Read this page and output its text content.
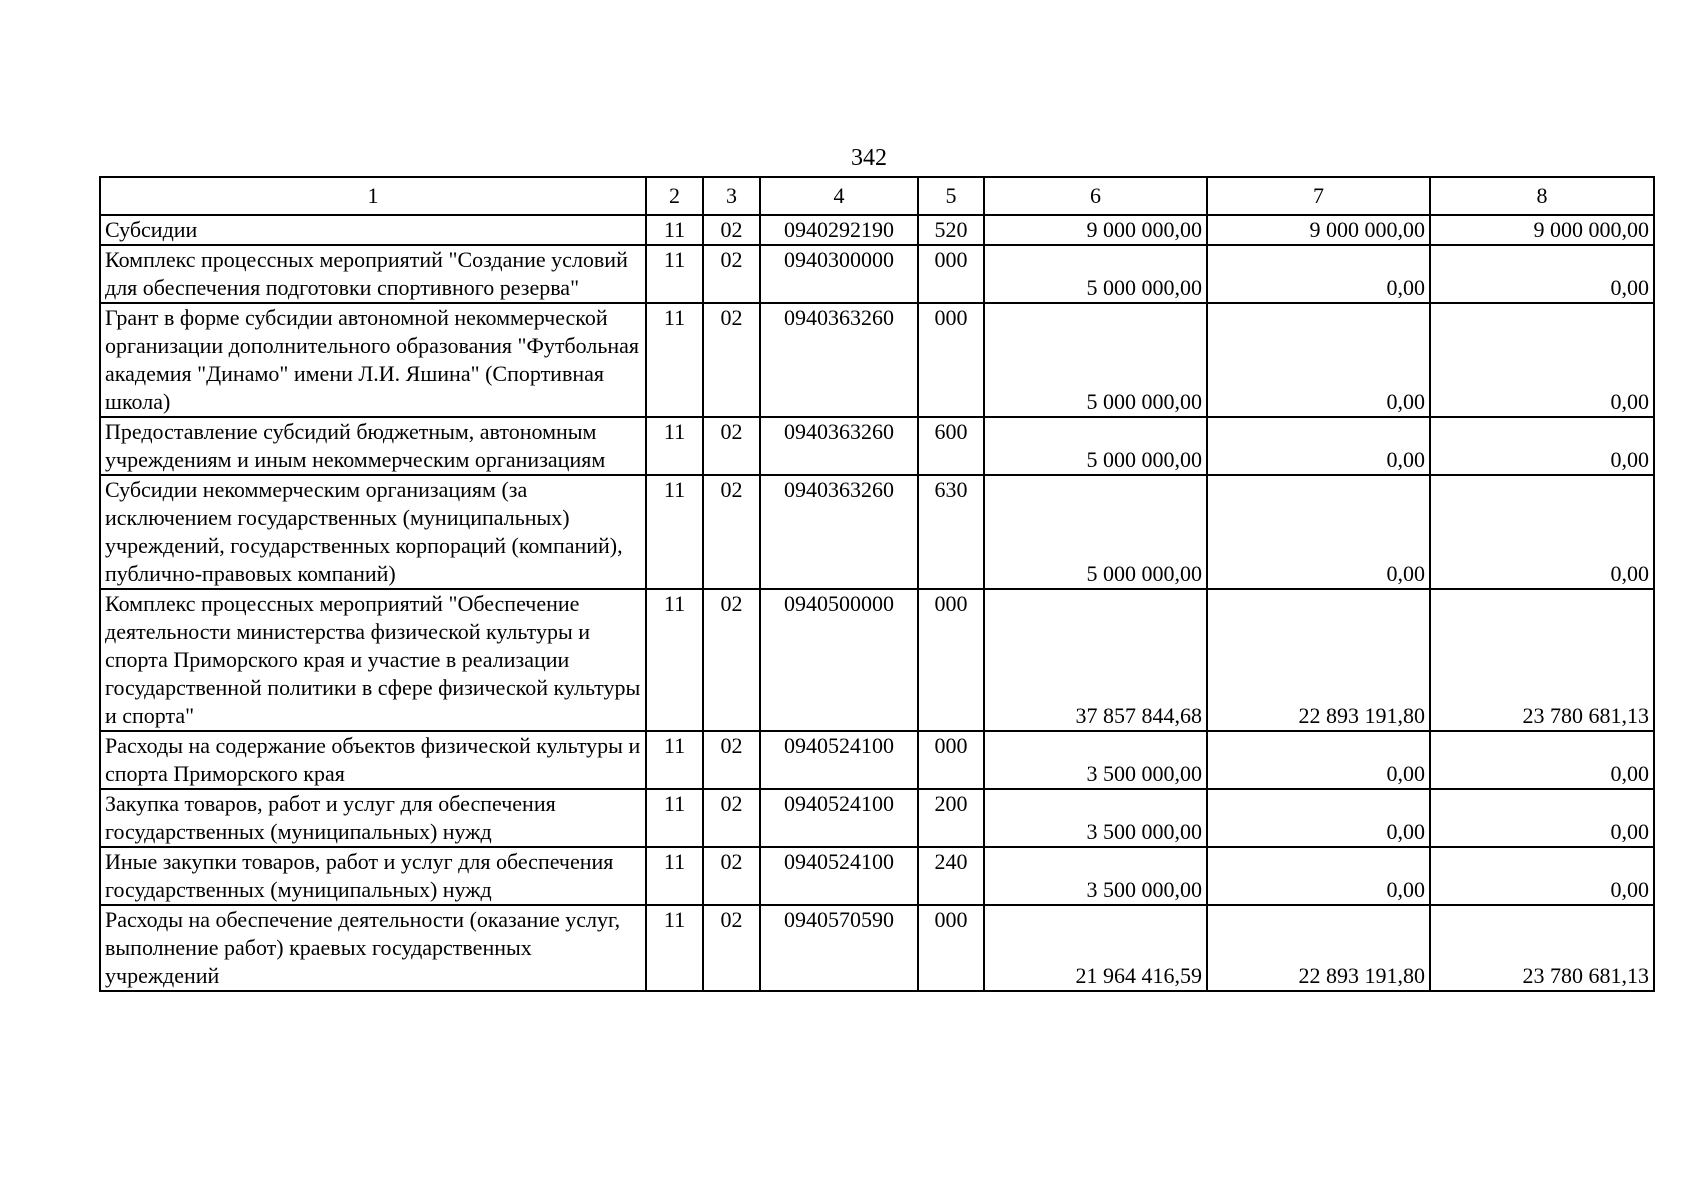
342
1	2	3	4	5	6	7	8
Субсидии	11	02	0940292190	520	9 000 000,00	9 000 000,00	9 000 000,00
Комплекс процессных мероприятий "Создание условий для обеспечения подготовки спортивного резерва"	11	02	0940300000	000	5 000 000,00	0,00	0,00
Грант в форме субсидии автономной некоммерческой организации дополнительного образования "Футбольная академия "Динамо" имени Л.И. Яшина" (Спортивная школа)	11	02	0940363260	000	5 000 000,00	0,00	0,00
Предоставление субсидий бюджетным, автономным учреждениям и иным некоммерческим организациям	11	02	0940363260	600	5 000 000,00	0,00	0,00
Субсидии некоммерческим организациям (за исключением государственных (муниципальных) учреждений, государственных корпораций (компаний), публично-правовых компаний)	11	02	0940363260	630	5 000 000,00	0,00	0,00
Комплекс процессных мероприятий "Обеспечение деятельности министерства физической культуры и спорта Приморского края и участие в реализации государственной политики в сфере физической культуры и спорта"	11	02	0940500000	000	37 857 844,68	22 893 191,80	23 780 681,13
Расходы на содержание объектов физической культуры и спорта Приморского края	11	02	0940524100	000	3 500 000,00	0,00	0,00
Закупка товаров, работ и услуг для обеспечения государственных (муниципальных) нужд	11	02	0940524100	200	3 500 000,00	0,00	0,00
Иные закупки товаров, работ и услуг для обеспечения государственных (муниципальных) нужд	11	02	0940524100	240	3 500 000,00	0,00	0,00
Расходы на обеспечение деятельности (оказание услуг, выполнение работ) краевых государственных учреждений	11	02	0940570590	000	21 964 416,59	22 893 191,80	23 780 681,13
